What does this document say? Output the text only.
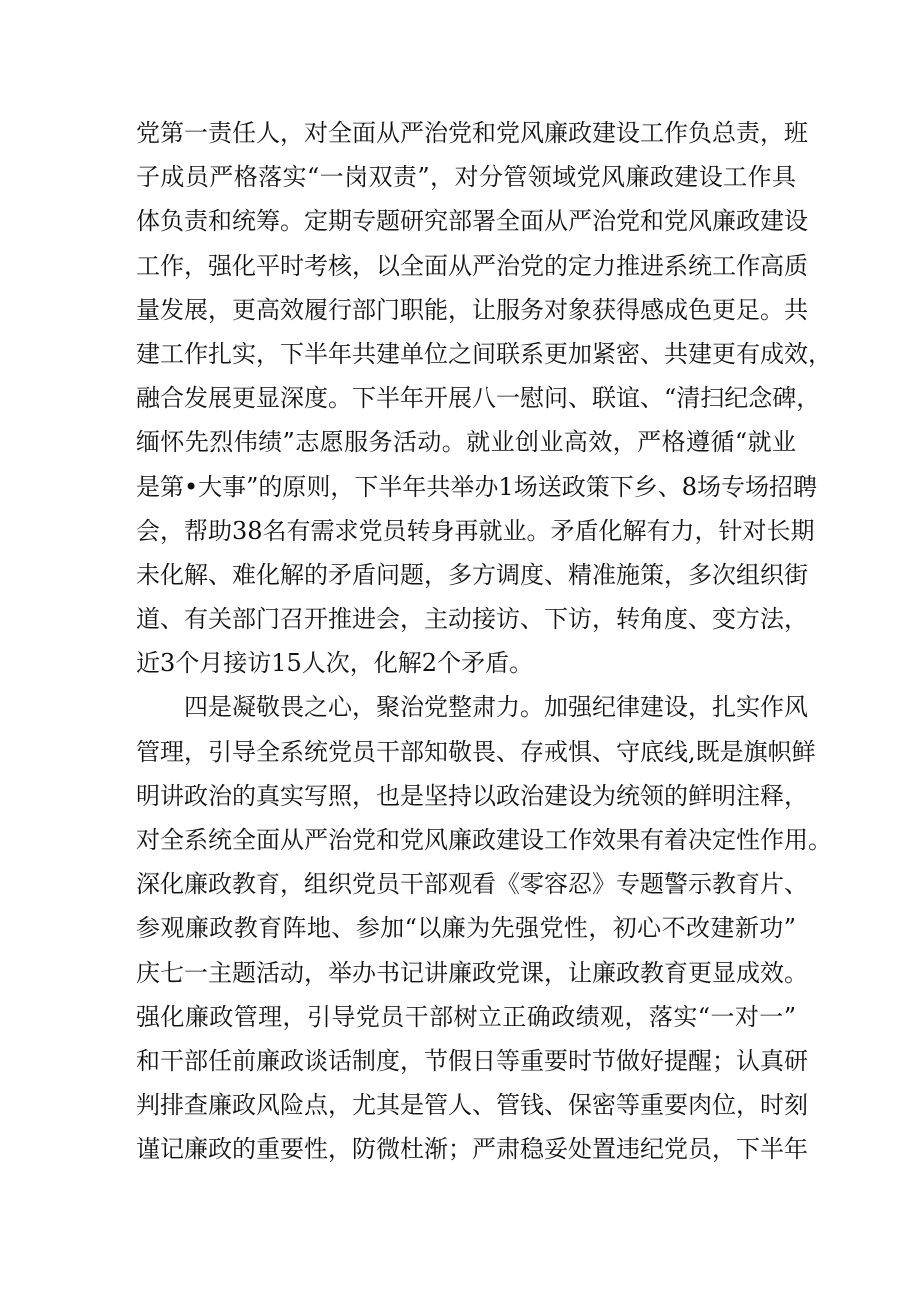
党第一责任人，对全面从严治党和党风廉政建设工作负总责，班
子成员严格落实“一岗双责”，对分管领域党风廉政建设工作具
体负责和统筹。定期专题研究部署全面从严治党和党风廉政建设
工作，强化平时考核，以全面从严治党的定力推进系统工作高质
量发展，更高效履行部门职能，让服务对象获得感成色更足。共
建工作扎实，下半年共建单位之间联系更加紧密、共建更有成效，
融合发展更显深度。下半年开展八一慰问、联谊、“清扫纪念碑，
缅怀先烈伟绩”志愿服务活动。就业创业高效，严格遵循“就业
是第•大事”的原则，下半年共举办1场送政策下乡、8场专场招聘
会，帮助38名有需求党员转身再就业。矛盾化解有力，针对长期
未化解、难化解的矛盾问题，多方调度、精准施策，多次组织街
道、有关部门召开推进会，主动接访、下访，转角度、变方法，
近3个月接访15人次，化解2个矛盾。
四是凝敬畏之心，聚治党整肃力。加强纪律建设，扎实作风
管理，引导全系统党员干部知敬畏、存戒惧、守底线,既是旗帜鲜
明讲政治的真实写照，也是坚持以政治建设为统领的鲜明注释，
对全系统全面从严治党和党风廉政建设工作效果有着决定性作用。
深化廉政教育，组织党员干部观看《零容忍》专题警示教育片、
参观廉政教育阵地、参加“以廉为先强党性，初心不改建新功”
庆七一主题活动，举办书记讲廉政党课，让廉政教育更显成效。
强化廉政管理，引导党员干部树立正确政绩观，落实“一对一”
和干部任前廉政谈话制度，节假日等重要时节做好提醒；认真研
判排查廉政风险点，尤其是管人、管钱、保密等重要肉位，时刻
谨记廉政的重要性，防微杜渐；严肃稳妥处置违纪党员，下半年
